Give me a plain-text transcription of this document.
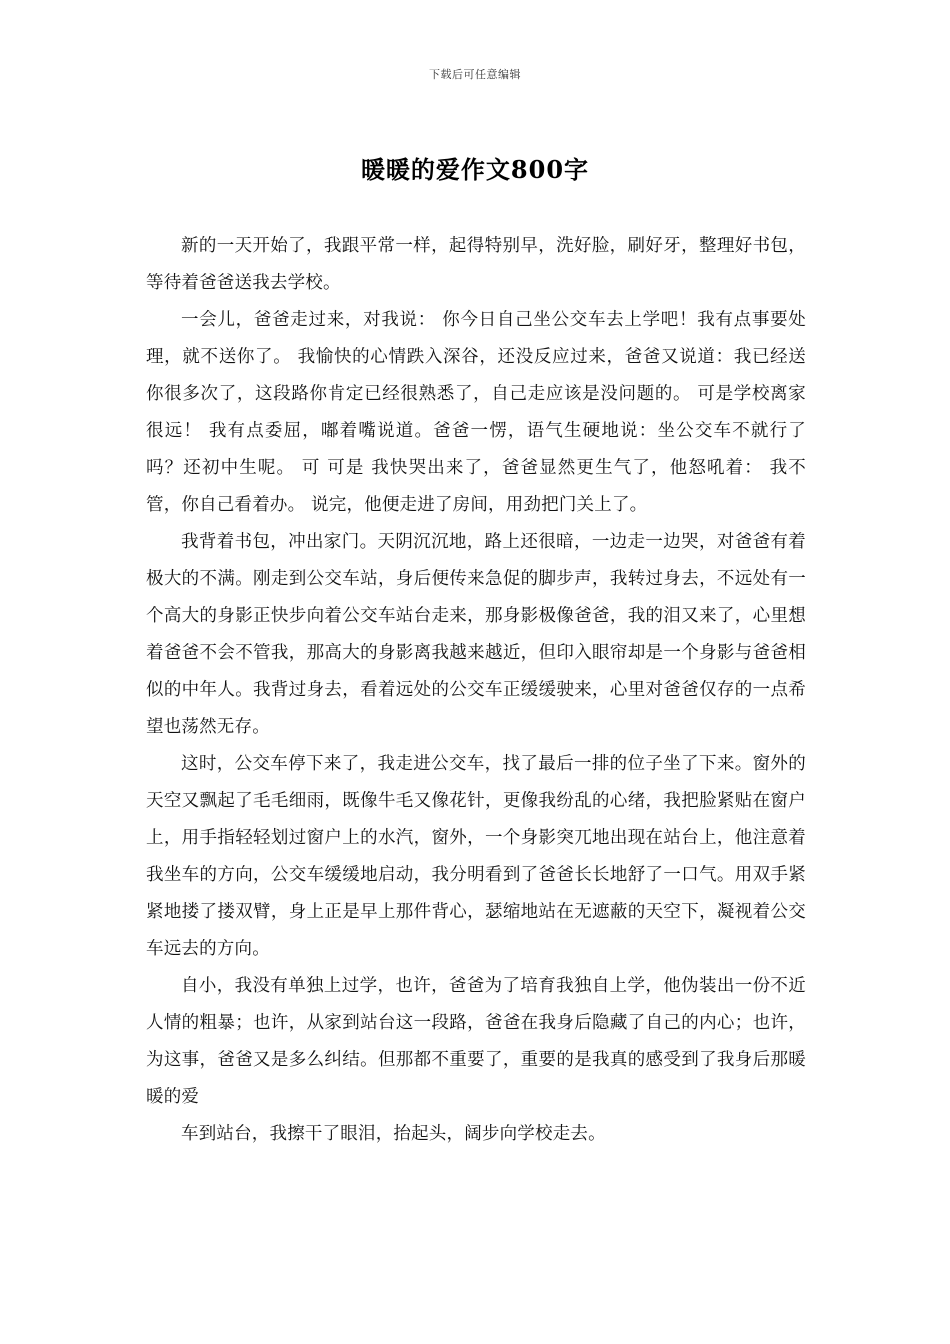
下载后可任意编辑
暖暖的爱作文800字

新的一天开始了，我跟平常一样，起得特别早，洗好脸，刷好牙，整理好书包，等待着爸爸送我去学校。

一会儿，爸爸走过来，对我说： 你今日自己坐公交车去上学吧！我有点事要处理，就不送你了。 我愉快的心情跌入深谷，还没反应过来，爸爸又说道：我已经送你很多次了，这段路你肯定已经很熟悉了，自己走应该是没问题的。 可是学校离家很远！ 我有点委屈，嘟着嘴说道。爸爸一愣，语气生硬地说：坐公交车不就行了吗？还初中生呢。 可 可是 我快哭出来了，爸爸显然更生气了，他怒吼着： 我不管，你自己看着办。 说完，他便走进了房间，用劲把门关上了。

我背着书包，冲出家门。天阴沉沉地，路上还很暗，一边走一边哭，对爸爸有着极大的不满。刚走到公交车站，身后便传来急促的脚步声，我转过身去，不远处有一个高大的身影正快步向着公交车站台走来，那身影极像爸爸，我的泪又来了，心里想着爸爸不会不管我，那高大的身影离我越来越近，但印入眼帘却是一个身影与爸爸相似的中年人。我背过身去，看着远处的公交车正缓缓驶来，心里对爸爸仅存的一点希望也荡然无存。

这时，公交车停下来了，我走进公交车，找了最后一排的位子坐了下来。窗外的天空又飘起了毛毛细雨，既像牛毛又像花针，更像我纷乱的心绪，我把脸紧贴在窗户上，用手指轻轻划过窗户上的水汽，窗外，一个身影突兀地出现在站台上，他注意着我坐车的方向，公交车缓缓地启动，我分明看到了爸爸长长地舒了一口气。用双手紧紧地搂了搂双臂，身上正是早上那件背心，瑟缩地站在无遮蔽的天空下，凝视着公交车远去的方向。

自小，我没有单独上过学，也许，爸爸为了培育我独自上学，他伪装出一份不近人情的粗暴；也许，从家到站台这一段路，爸爸在我身后隐藏了自己的内心；也许，为这事，爸爸又是多么纠结。但那都不重要了，重要的是我真的感受到了我身后那暖暖的爱

车到站台，我擦干了眼泪，抬起头，阔步向学校走去。
